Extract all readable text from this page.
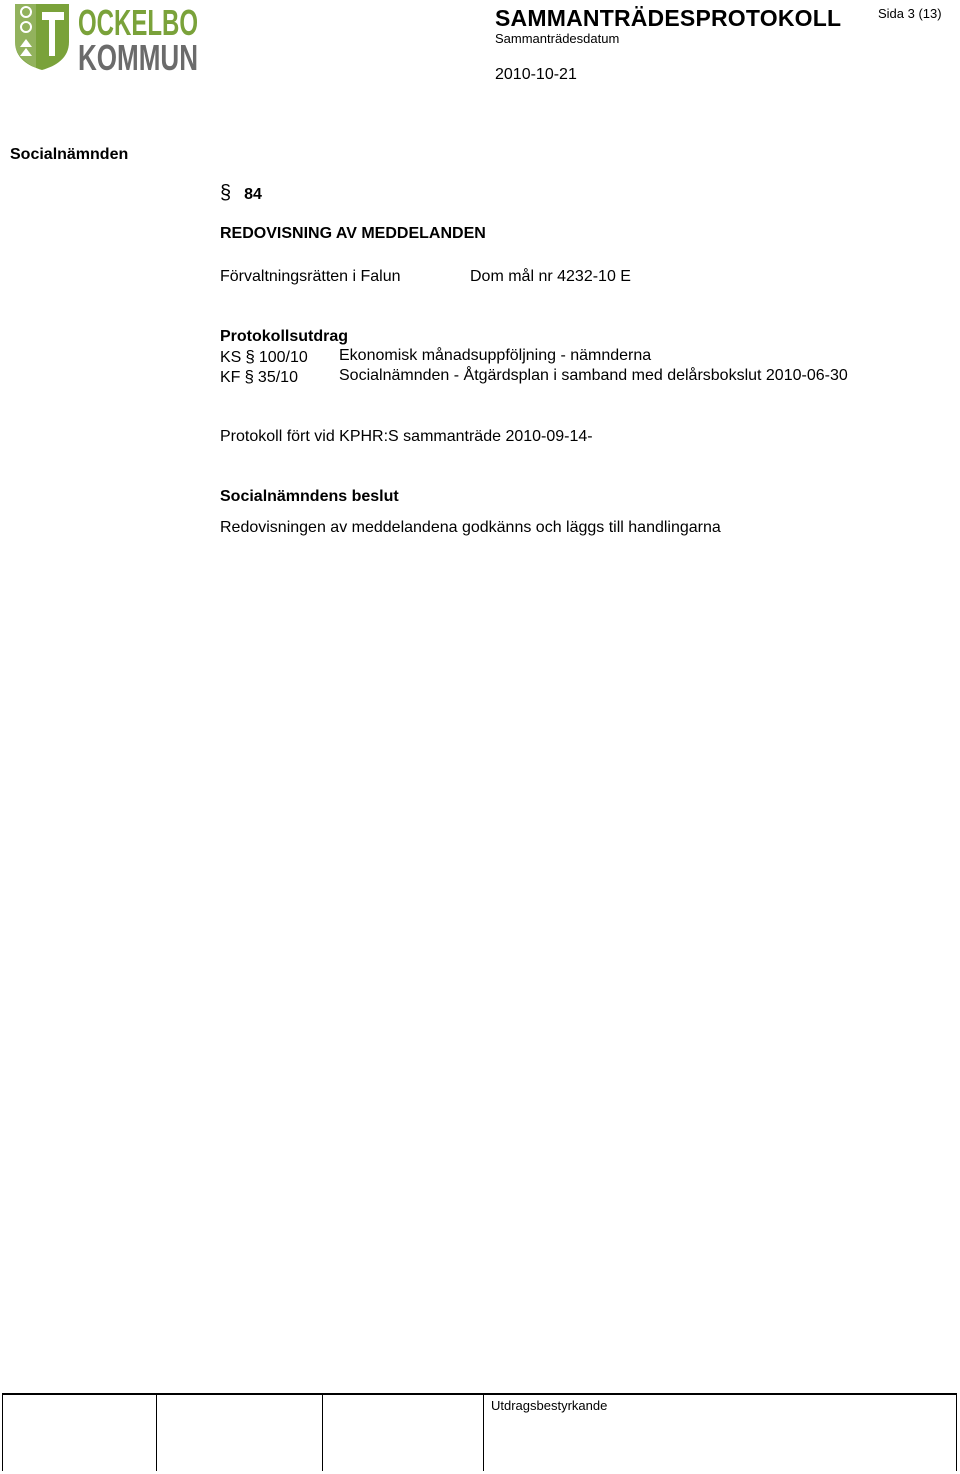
OCKELBO
KOMMUN
SAMMANTRÄDESPROTOKOLL
Sammanträdesdatum
2010-10-21
Sida 3 (13)
Socialnämnden
§ 84
REDOVISNING AV MEDDELANDEN
Förvaltningsrätten i Falun	Dom mål nr 4232-10 E
Protokollsutdrag
KS § 100/10 Ekonomisk månadsuppföljning - nämnderna
KF § 35/10	Socialnämnden - Åtgärdsplan i samband med delårsbokslut 2010-06-30
Protokoll fört vid KPHR:S sammanträde 2010-09-14-
Socialnämndens beslut
Redovisningen av meddelandena godkänns och läggs till handlingarna
Utdragsbestyrkande
